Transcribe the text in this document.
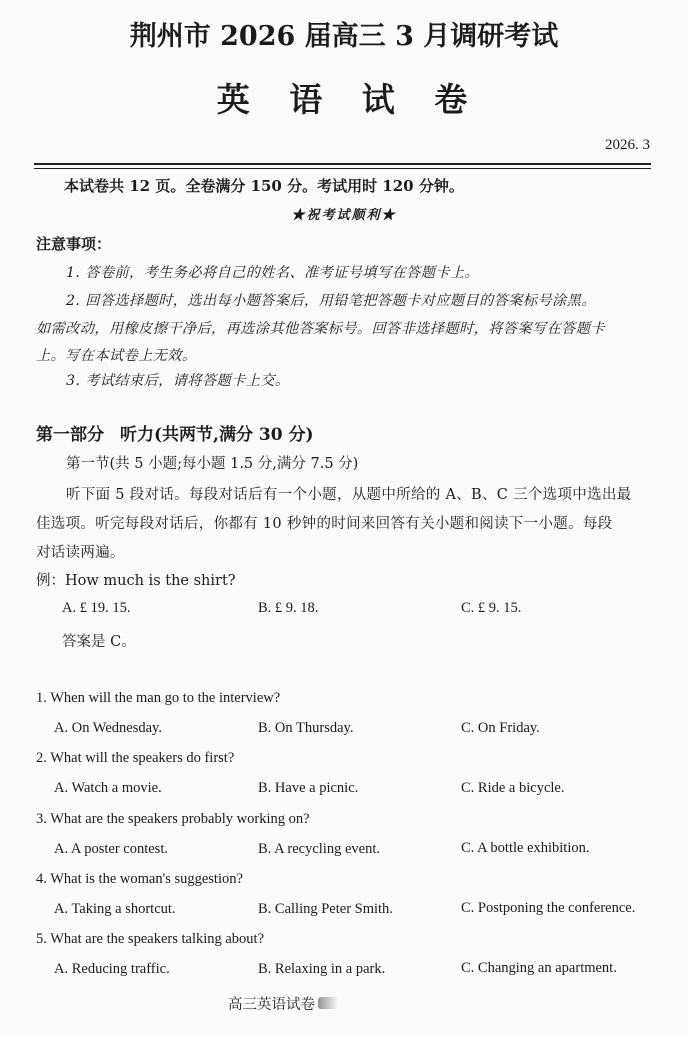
荆州市 2026 届高三 3 月调研考试
英 语 试 卷
2026. 3
本试卷共 12 页。全卷满分 150 分。考试用时 120 分钟。
★祝考试顺利★
注意事项：
1. 答卷前，考生务必将自己的姓名、准考证号填写在答题卡上。
2. 回答选择题时，选出每小题答案后，用铅笔把答题卡对应题目的答案标号涂黑。
如需改动，用橡皮擦干净后，再选涂其他答案标号。回答非选择题时，将答案写在答题卡
上。写在本试卷上无效。
3. 考试结束后，请将答题卡上交。
第一部分 听力(共两节,满分 30 分)
第一节(共 5 小题;每小题 1.5 分,满分 7.5 分)
听下面 5 段对话。每段对话后有一个小题，从题中所给的 A、B、C 三个选项中选出最
佳选项。听完每段对话后，你都有 10 秒钟的时间来回答有关小题和阅读下一小题。每段
对话读两遍。
例：How much is the shirt?
A. £ 19. 15.	B. £ 9. 18.	C. £ 9. 15.
答案是 C。
1. When will the man go to the interview?
A. On Wednesday.	B. On Thursday.	C. On Friday.
2. What will the speakers do first?
A. Watch a movie.	B. Have a picnic.	C. Ride a bicycle.
3. What are the speakers probably working on?
A. A poster contest.	B. A recycling event.	C. A bottle exhibition.
4. What is the woman's suggestion?
A. Taking a shortcut.	B. Calling Peter Smith.	C. Postponing the conference.
5. What are the speakers talking about?
A. Reducing traffic.	B. Relaxing in a park.	C. Changing an apartment.
高三英语试卷
